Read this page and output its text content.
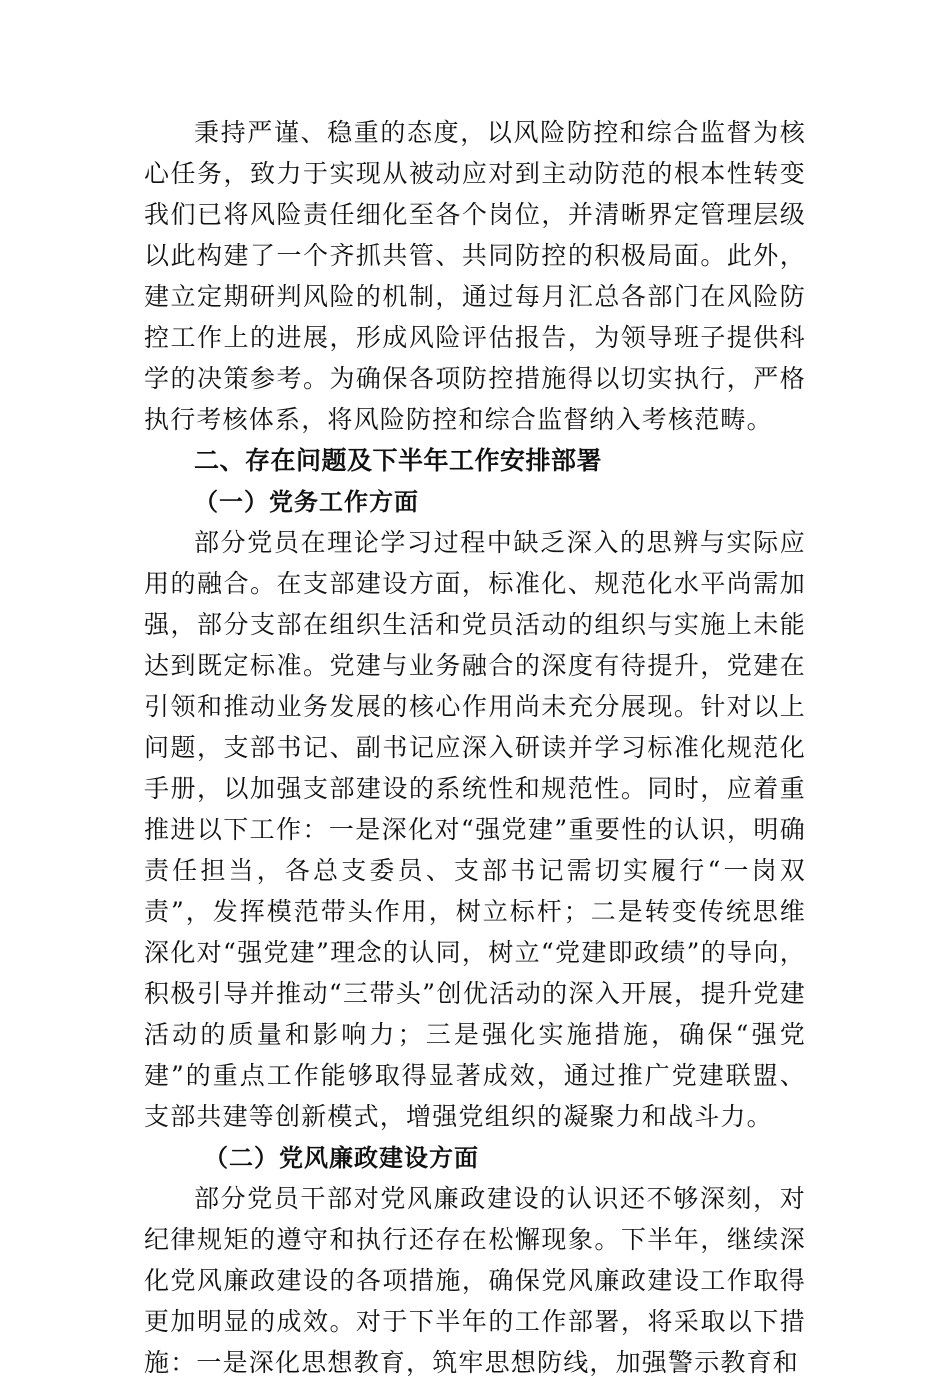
秉持严谨、稳重的态度，以风险防控和综合监督为核心任务，致力于实现从被动应对到主动防范的根本性转变我们已将风险责任细化至各个岗位，并清晰界定管理层级以此构建了一个齐抓共管、共同防控的积极局面。此外，建立定期研判风险的机制，通过每月汇总各部门在风险防控工作上的进展，形成风险评估报告，为领导班子提供科学的决策参考。为确保各项防控措施得以切实执行，严格执行考核体系，将风险防控和综合监督纳入考核范畴。

二、存在问题及下半年工作安排部署

（一）党务工作方面

部分党员在理论学习过程中缺乏深入的思辨与实际应用的融合。在支部建设方面，标准化、规范化水平尚需加强，部分支部在组织生活和党员活动的组织与实施上未能达到既定标准。党建与业务融合的深度有待提升，党建在引领和推动业务发展的核心作用尚未充分展现。针对以上问题，支部书记、副书记应深入研读并学习标准化规范化手册，以加强支部建设的系统性和规范性。同时，应着重推进以下工作：一是深化对“强党建”重要性的认识，明确责任担当，各总支委员、支部书记需切实履行“一岗双责”，发挥模范带头作用，树立标杆；二是转变传统思维深化对“强党建”理念的认同，树立“党建即政绩”的导向，积极引导并推动“三带头”创优活动的深入开展，提升党建活动的质量和影响力；三是强化实施措施，确保“强党建”的重点工作能够取得显著成效，通过推广党建联盟、支部共建等创新模式，增强党组织的凝聚力和战斗力。

（二）党风廉政建设方面

部分党员干部对党风廉政建设的认识还不够深刻，对纪律规矩的遵守和执行还存在松懈现象。下半年，继续深化党风廉政建设的各项措施，确保党风廉政建设工作取得更加明显的成效。对于下半年的工作部署，将采取以下措施：一是深化思想教育，筑牢思想防线，加强警示教育和
